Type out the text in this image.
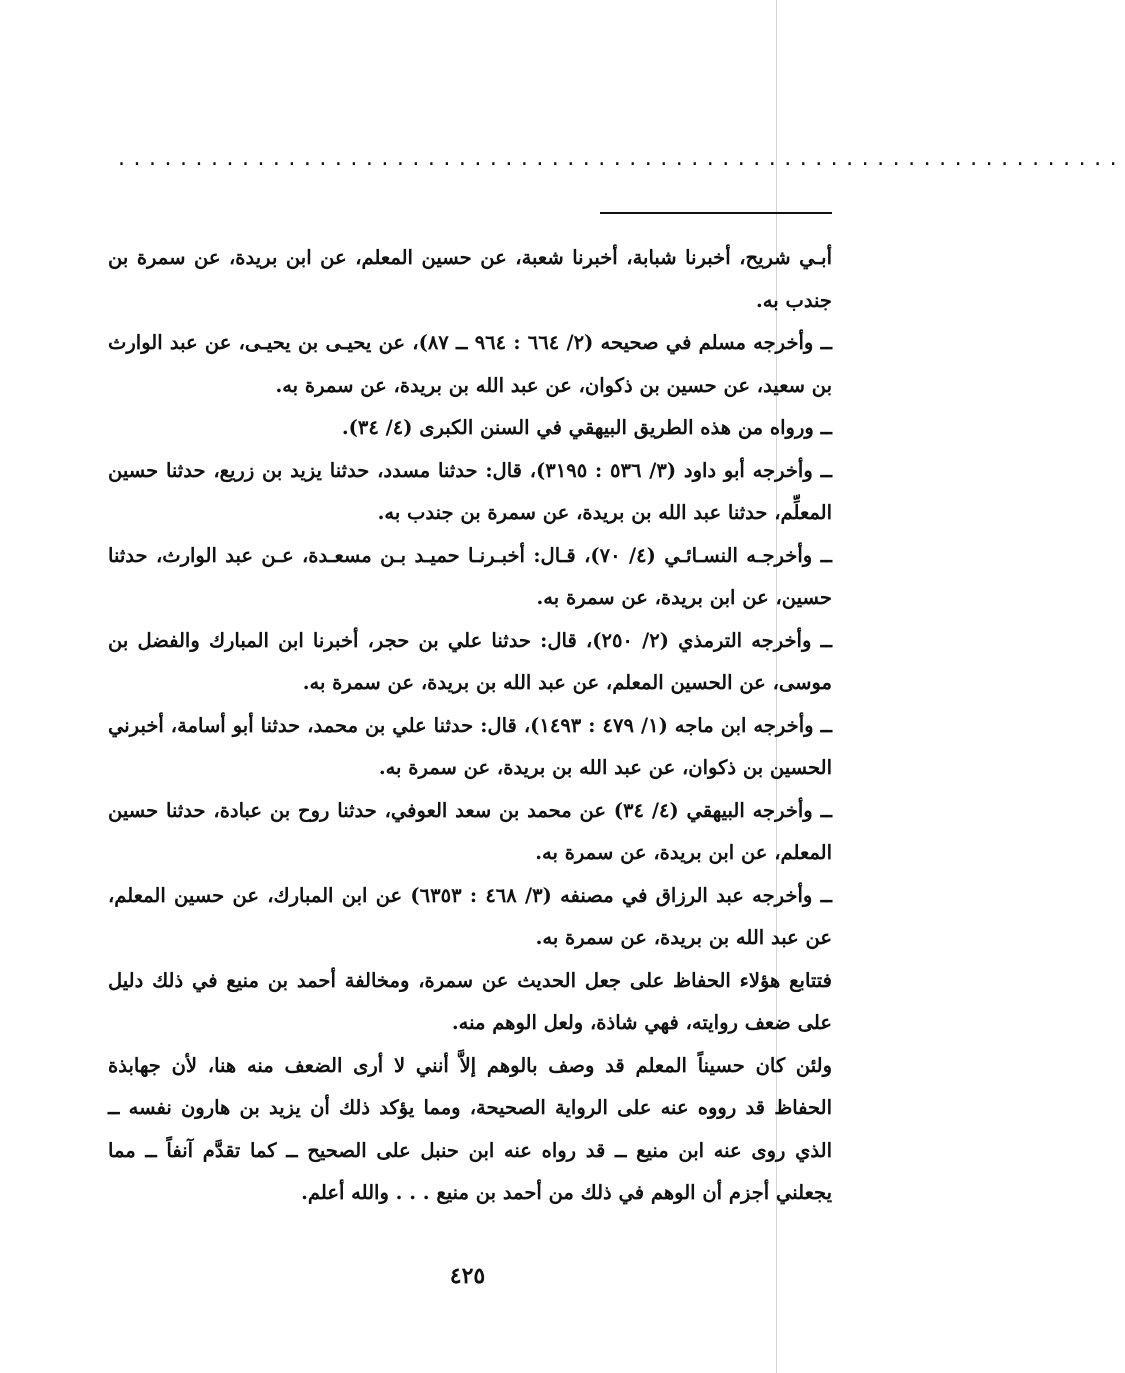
.................................................................

أبـي شريح، أخبرنا شبابة، أخبرنا شعبة، عن حسين المعلم، عن ابن بريدة، عن سمرة بن جندب به.

ــ وأخرجه مسلم في صحيحه (٢/ ٦٦٤ : ٩٦٤ ــ ٨٧)، عن يحيـى بن يحيـى، عن عبد الوارث بن سعيد، عن حسين بن ذكوان، عن عبد الله بن بريدة، عن سمرة به.

ــ ورواه من هذه الطريق البيهقي في السنن الكبرى (٤/ ٣٤).

ــ وأخرجه أبو داود (٣/ ٥٣٦ : ٣١٩٥)، قال: حدثنا مسدد، حدثنا يزيد بن زريع، حدثنا حسين المعلِّم، حدثنا عبد الله بن بريدة، عن سمرة بن جندب به.

ــ وأخرجـه النسـائـي (٤/ ٧٠)، قـال: أخبـرنـا حميـد بـن مسعـدة، عـن عبد الوارث، حدثنا حسين، عن ابن بريدة، عن سمرة به.

ــ وأخرجه الترمذي (٢/ ٢٥٠)، قال: حدثنا علي بن حجر، أخبرنا ابن المبارك والفضل بن موسى، عن الحسين المعلم، عن عبد الله بن بريدة، عن سمرة به.

ــ وأخرجه ابن ماجه (١/ ٤٧٩ : ١٤٩٣)، قال: حدثنا علي بن محمد، حدثنا أبو أسامة، أخبرني الحسين بن ذكوان، عن عبد الله بن بريدة، عن سمرة به.

ــ وأخرجه البيهقي (٤/ ٣٤) عن محمد بن سعد العوفي، حدثنا روح بن عبادة، حدثنا حسين المعلم، عن ابن بريدة، عن سمرة به.

ــ وأخرجه عبد الرزاق في مصنفه (٣/ ٤٦٨ : ٦٣٥٣) عن ابن المبارك، عن حسين المعلم، عن عبد الله بن بريدة، عن سمرة به.

فتتابع هؤلاء الحفاظ على جعل الحديث عن سمرة، ومخالفة أحمد بن منيع في ذلك دليل على ضعف روايته، فهي شاذة، ولعل الوهم منه.

ولئن كان حسيناً المعلم قد وصف بالوهم إلاَّ أنني لا أرى الضعف منه هنا، لأن جهابذة الحفاظ قد رووه عنه على الرواية الصحيحة، ومما يؤكد ذلك أن يزيد بن هارون نفسه ــ الذي روى عنه ابن منيع ــ قد رواه عنه ابن حنبل على الصحيح ــ كما تقدَّم آنفاً ــ مما يجعلني أجزم أن الوهم في ذلك من أحمد بن منيع . . . والله أعلم.

٤٢٥
